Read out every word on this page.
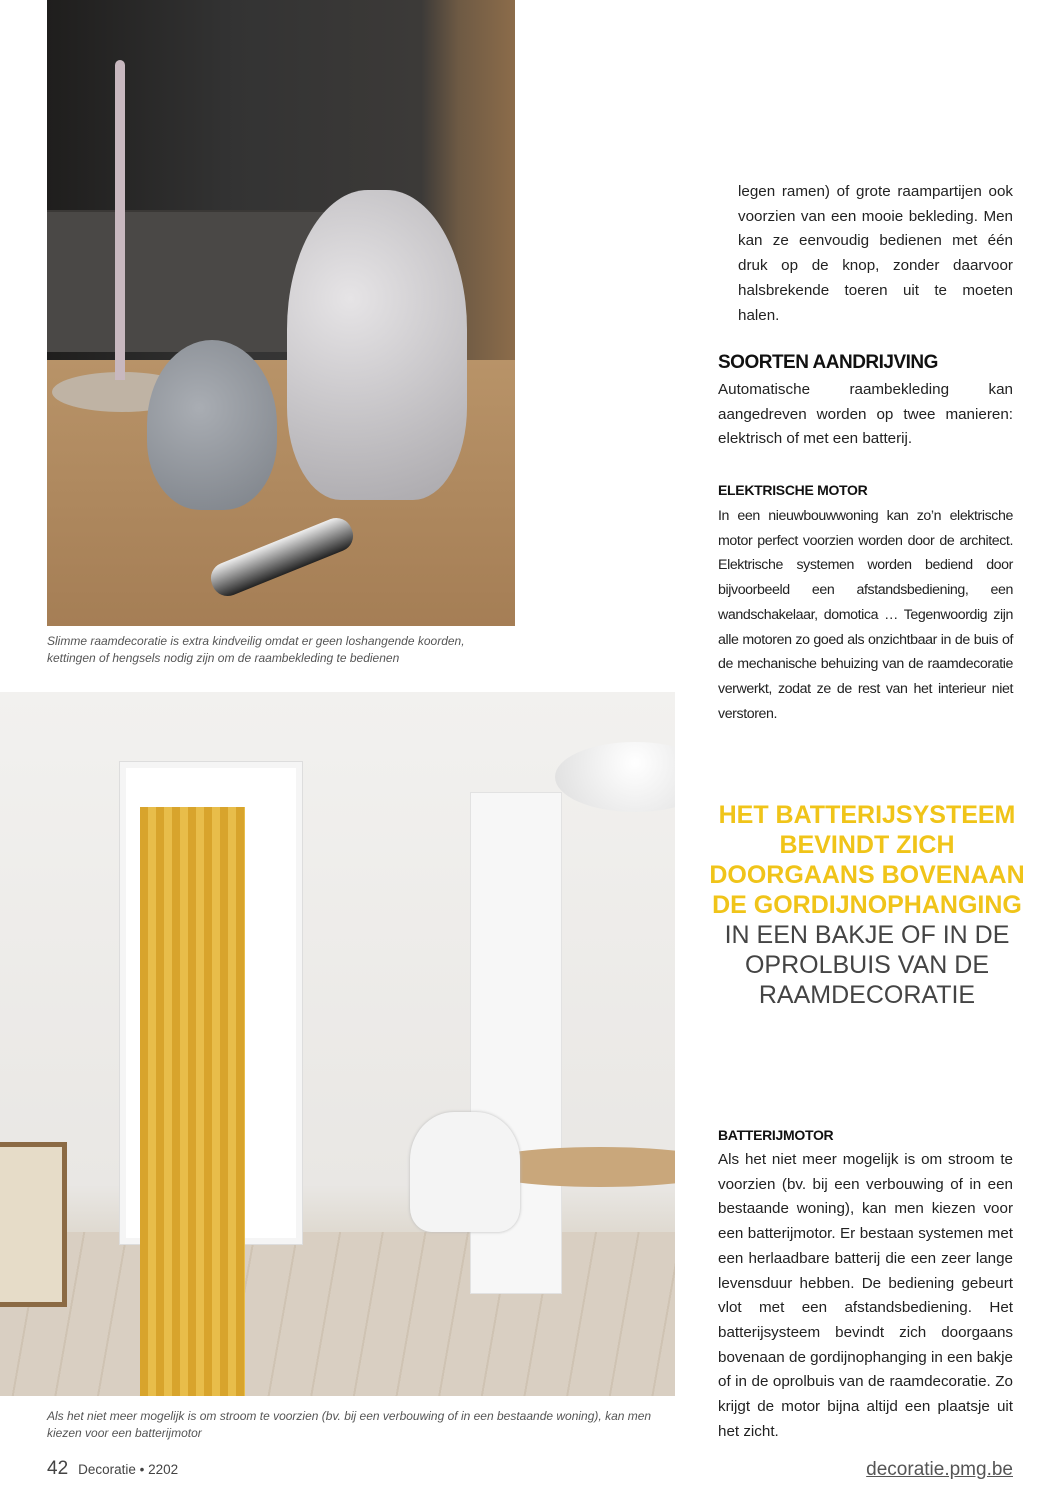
Slimme raamdecoratie is extra kindveilig omdat er geen loshangende koorden, kettingen of hengsels nodig zijn om de raambekleding te bedienen
Als het niet meer mogelijk is om stroom te voorzien (bv. bij een verbouwing of in een bestaande woning), kan men kiezen voor een batterijmotor
legen ramen) of grote raampartijen ook voorzien van een mooie bekleding. Men kan ze eenvoudig bedienen met één druk op de knop, zonder daarvoor halsbrekende toeren uit te moeten halen.
SOORTEN AANDRIJVING
Automatische raambekleding kan aangedreven worden op twee manieren: elektrisch of met een batterij.
ELEKTRISCHE MOTOR
In een nieuwbouwwoning kan zo’n elektrische motor perfect voorzien worden door de architect. Elektrische systemen worden bediend door bijvoorbeeld een afstandsbediening, een wandschakelaar, domotica … Tegenwoordig zijn alle motoren zo goed als onzichtbaar in de buis of de mechanische behuizing van de raamdecoratie verwerkt, zodat ze de rest van het interieur niet verstoren.
HET BATTERIJSYSTEEM BEVINDT ZICH DOORGAANS BOVENAAN DE GORDIJNOPHANGING
IN EEN BAKJE OF IN DE OPROLBUIS VAN DE RAAMDECORATIE
BATTERIJMOTOR
Als het niet meer mogelijk is om stroom te voorzien (bv. bij een verbouwing of in een bestaande woning), kan men kiezen voor een batterijmotor. Er bestaan systemen met een herlaadbare batterij die een zeer lange levensduur hebben. De bediening gebeurt vlot met een afstandsbediening. Het batterijsysteem bevindt zich doorgaans bovenaan de gordijnophanging in een bakje of in de oprolbuis van de raamdecoratie. Zo krijgt de motor bijna altijd een plaatsje uit het zicht.
42 Decoratie • 2202	decoratie.pmg.be
